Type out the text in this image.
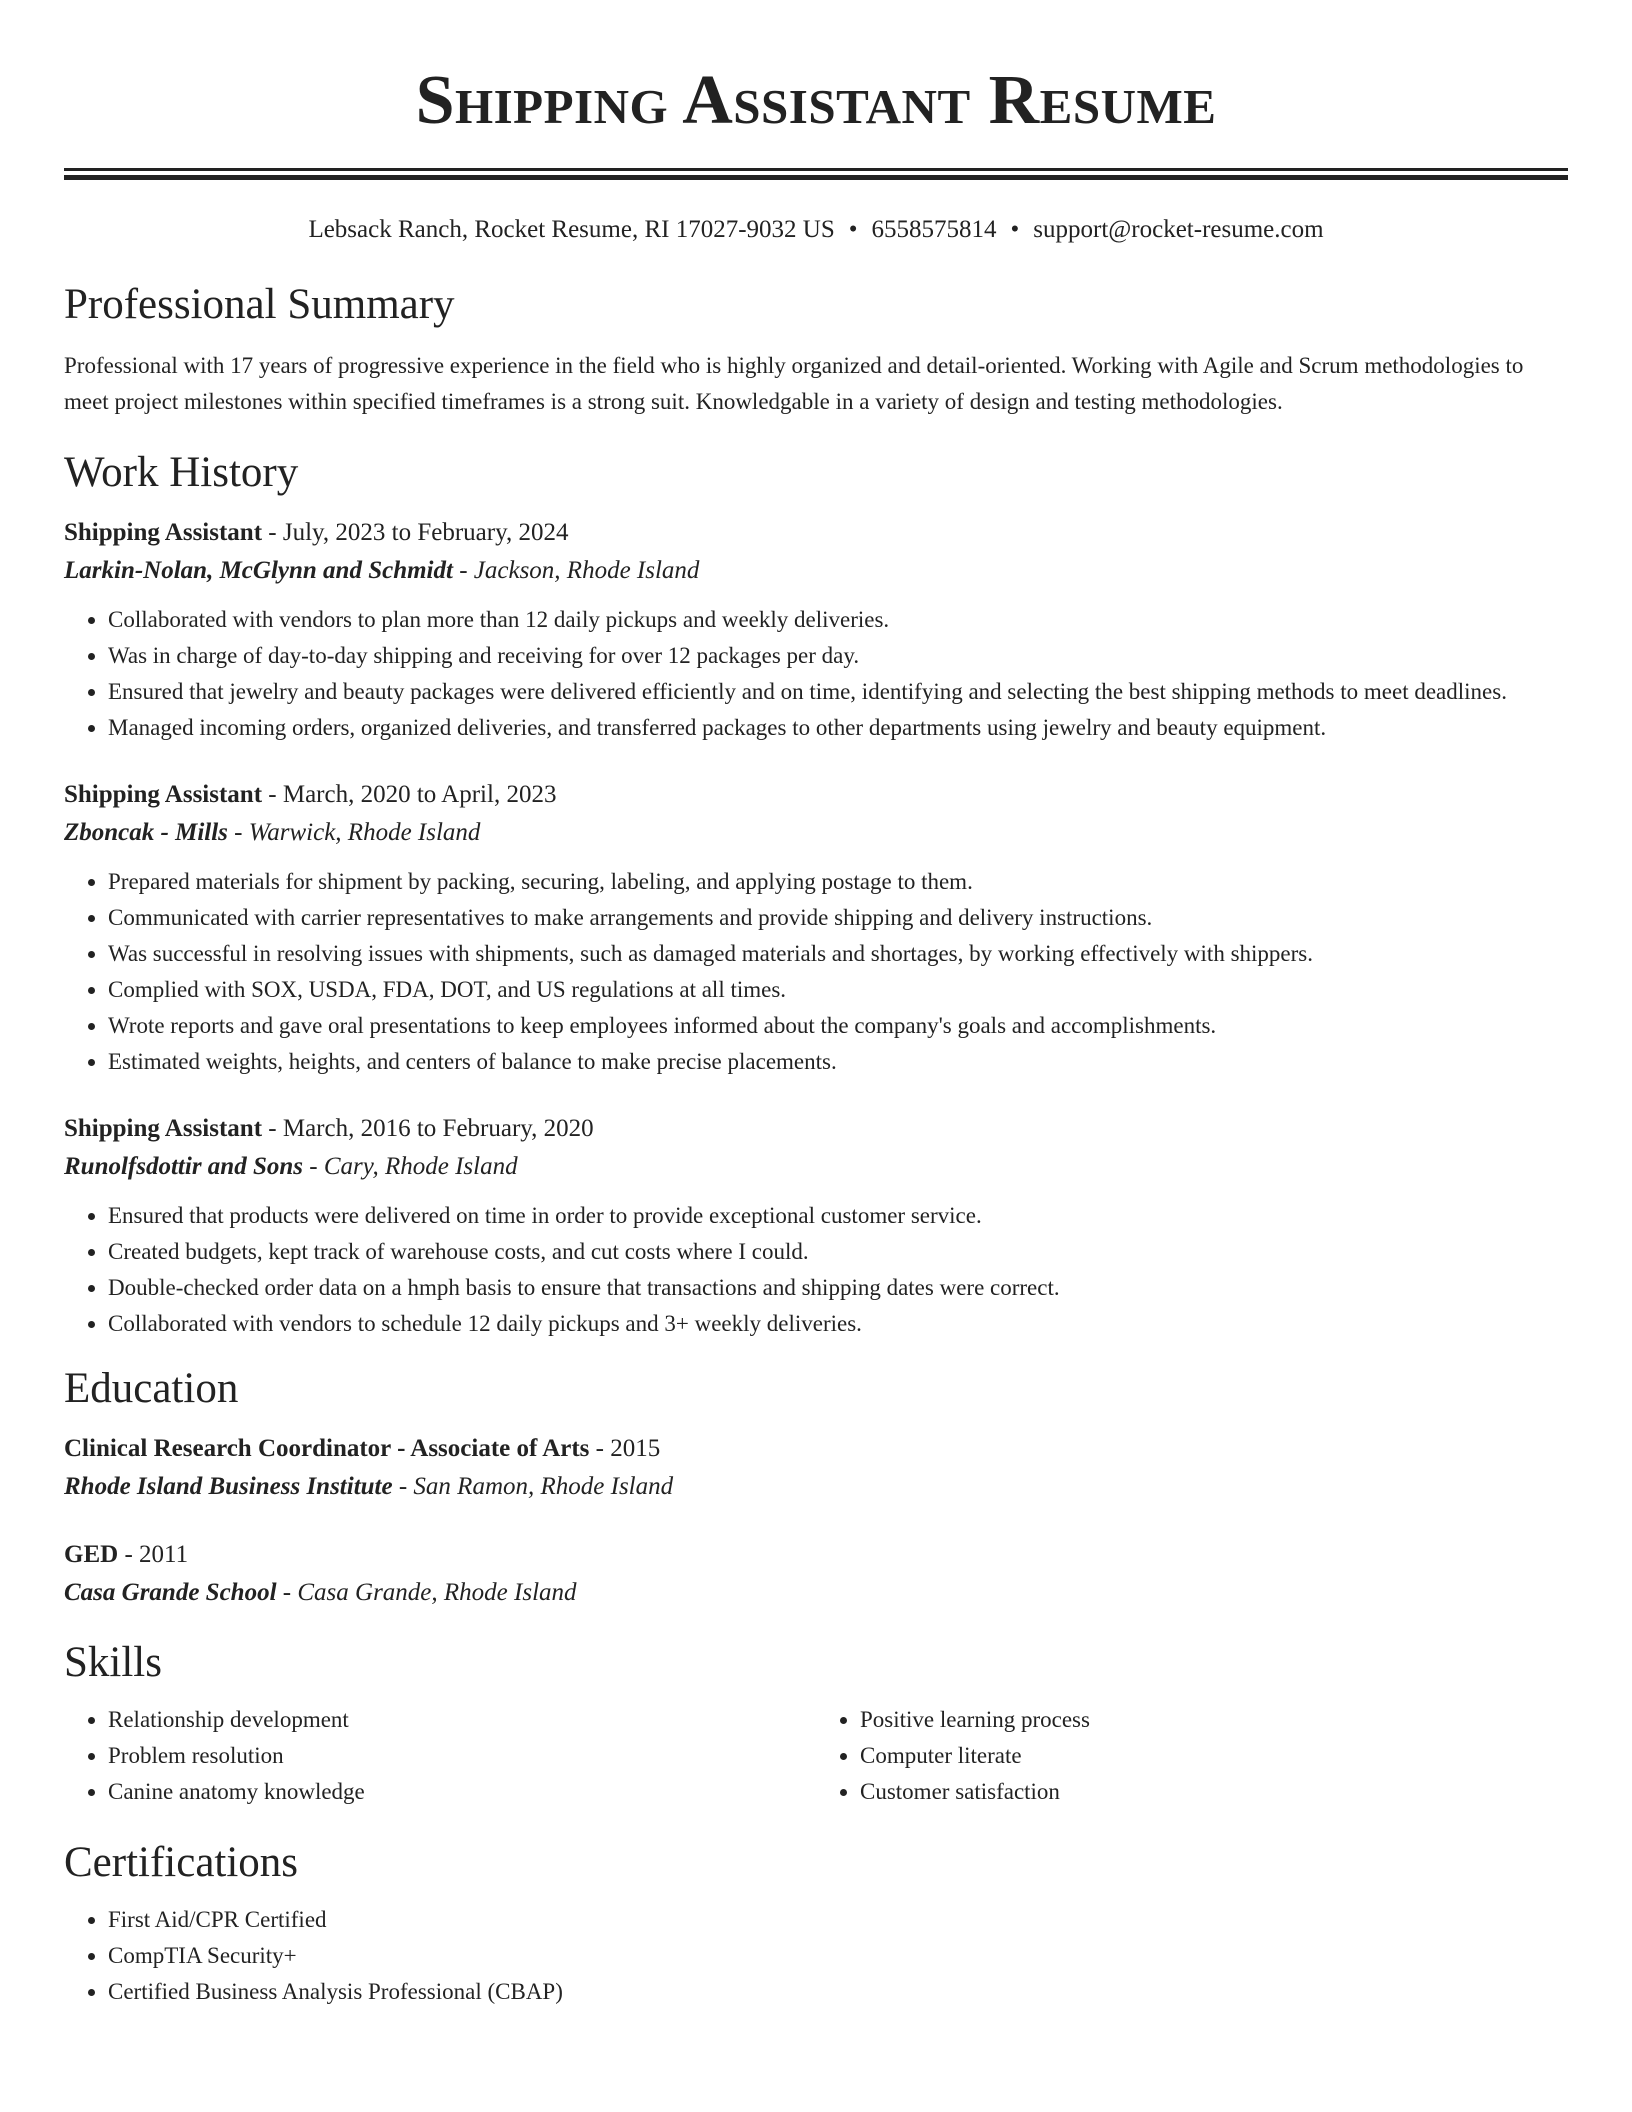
Shipping Assistant Resume
Lebsack Ranch, Rocket Resume, RI 17027-9032 US • 6558575814 • support@rocket-resume.com
Professional Summary

Professional with 17 years of progressive experience in the field who is highly organized and detail-oriented. Working with Agile and Scrum methodologies to meet project milestones within specified timeframes is a strong suit. Knowledgable in a variety of design and testing methodologies.

Work History
Shipping Assistant - July, 2023 to February, 2024
Larkin-Nolan, McGlynn and Schmidt - Jackson, Rhode Island
• Collaborated with vendors to plan more than 12 daily pickups and weekly deliveries.
• Was in charge of day-to-day shipping and receiving for over 12 packages per day.
• Ensured that jewelry and beauty packages were delivered efficiently and on time, identifying and selecting the best shipping methods to meet deadlines.
• Managed incoming orders, organized deliveries, and transferred packages to other departments using jewelry and beauty equipment.
Shipping Assistant - March, 2020 to April, 2023
Zboncak - Mills - Warwick, Rhode Island
• Prepared materials for shipment by packing, securing, labeling, and applying postage to them.
• Communicated with carrier representatives to make arrangements and provide shipping and delivery instructions.
• Was successful in resolving issues with shipments, such as damaged materials and shortages, by working effectively with shippers.
• Complied with SOX, USDA, FDA, DOT, and US regulations at all times.
• Wrote reports and gave oral presentations to keep employees informed about the company's goals and accomplishments.
• Estimated weights, heights, and centers of balance to make precise placements.
Shipping Assistant - March, 2016 to February, 2020
Runolfsdottir and Sons - Cary, Rhode Island
• Ensured that products were delivered on time in order to provide exceptional customer service.
• Created budgets, kept track of warehouse costs, and cut costs where I could.
• Double-checked order data on a hmph basis to ensure that transactions and shipping dates were correct.
• Collaborated with vendors to schedule 12 daily pickups and 3+ weekly deliveries.
Education
Clinical Research Coordinator - Associate of Arts - 2015
Rhode Island Business Institute - San Ramon, Rhode Island
GED - 2011
Casa Grande School - Casa Grande, Rhode Island
Skills
• Relationship development
• Problem resolution
• Canine anatomy knowledge
• Positive learning process
• Computer literate
• Customer satisfaction
Certifications
• First Aid/CPR Certified
• CompTIA Security+
• Certified Business Analysis Professional (CBAP)
